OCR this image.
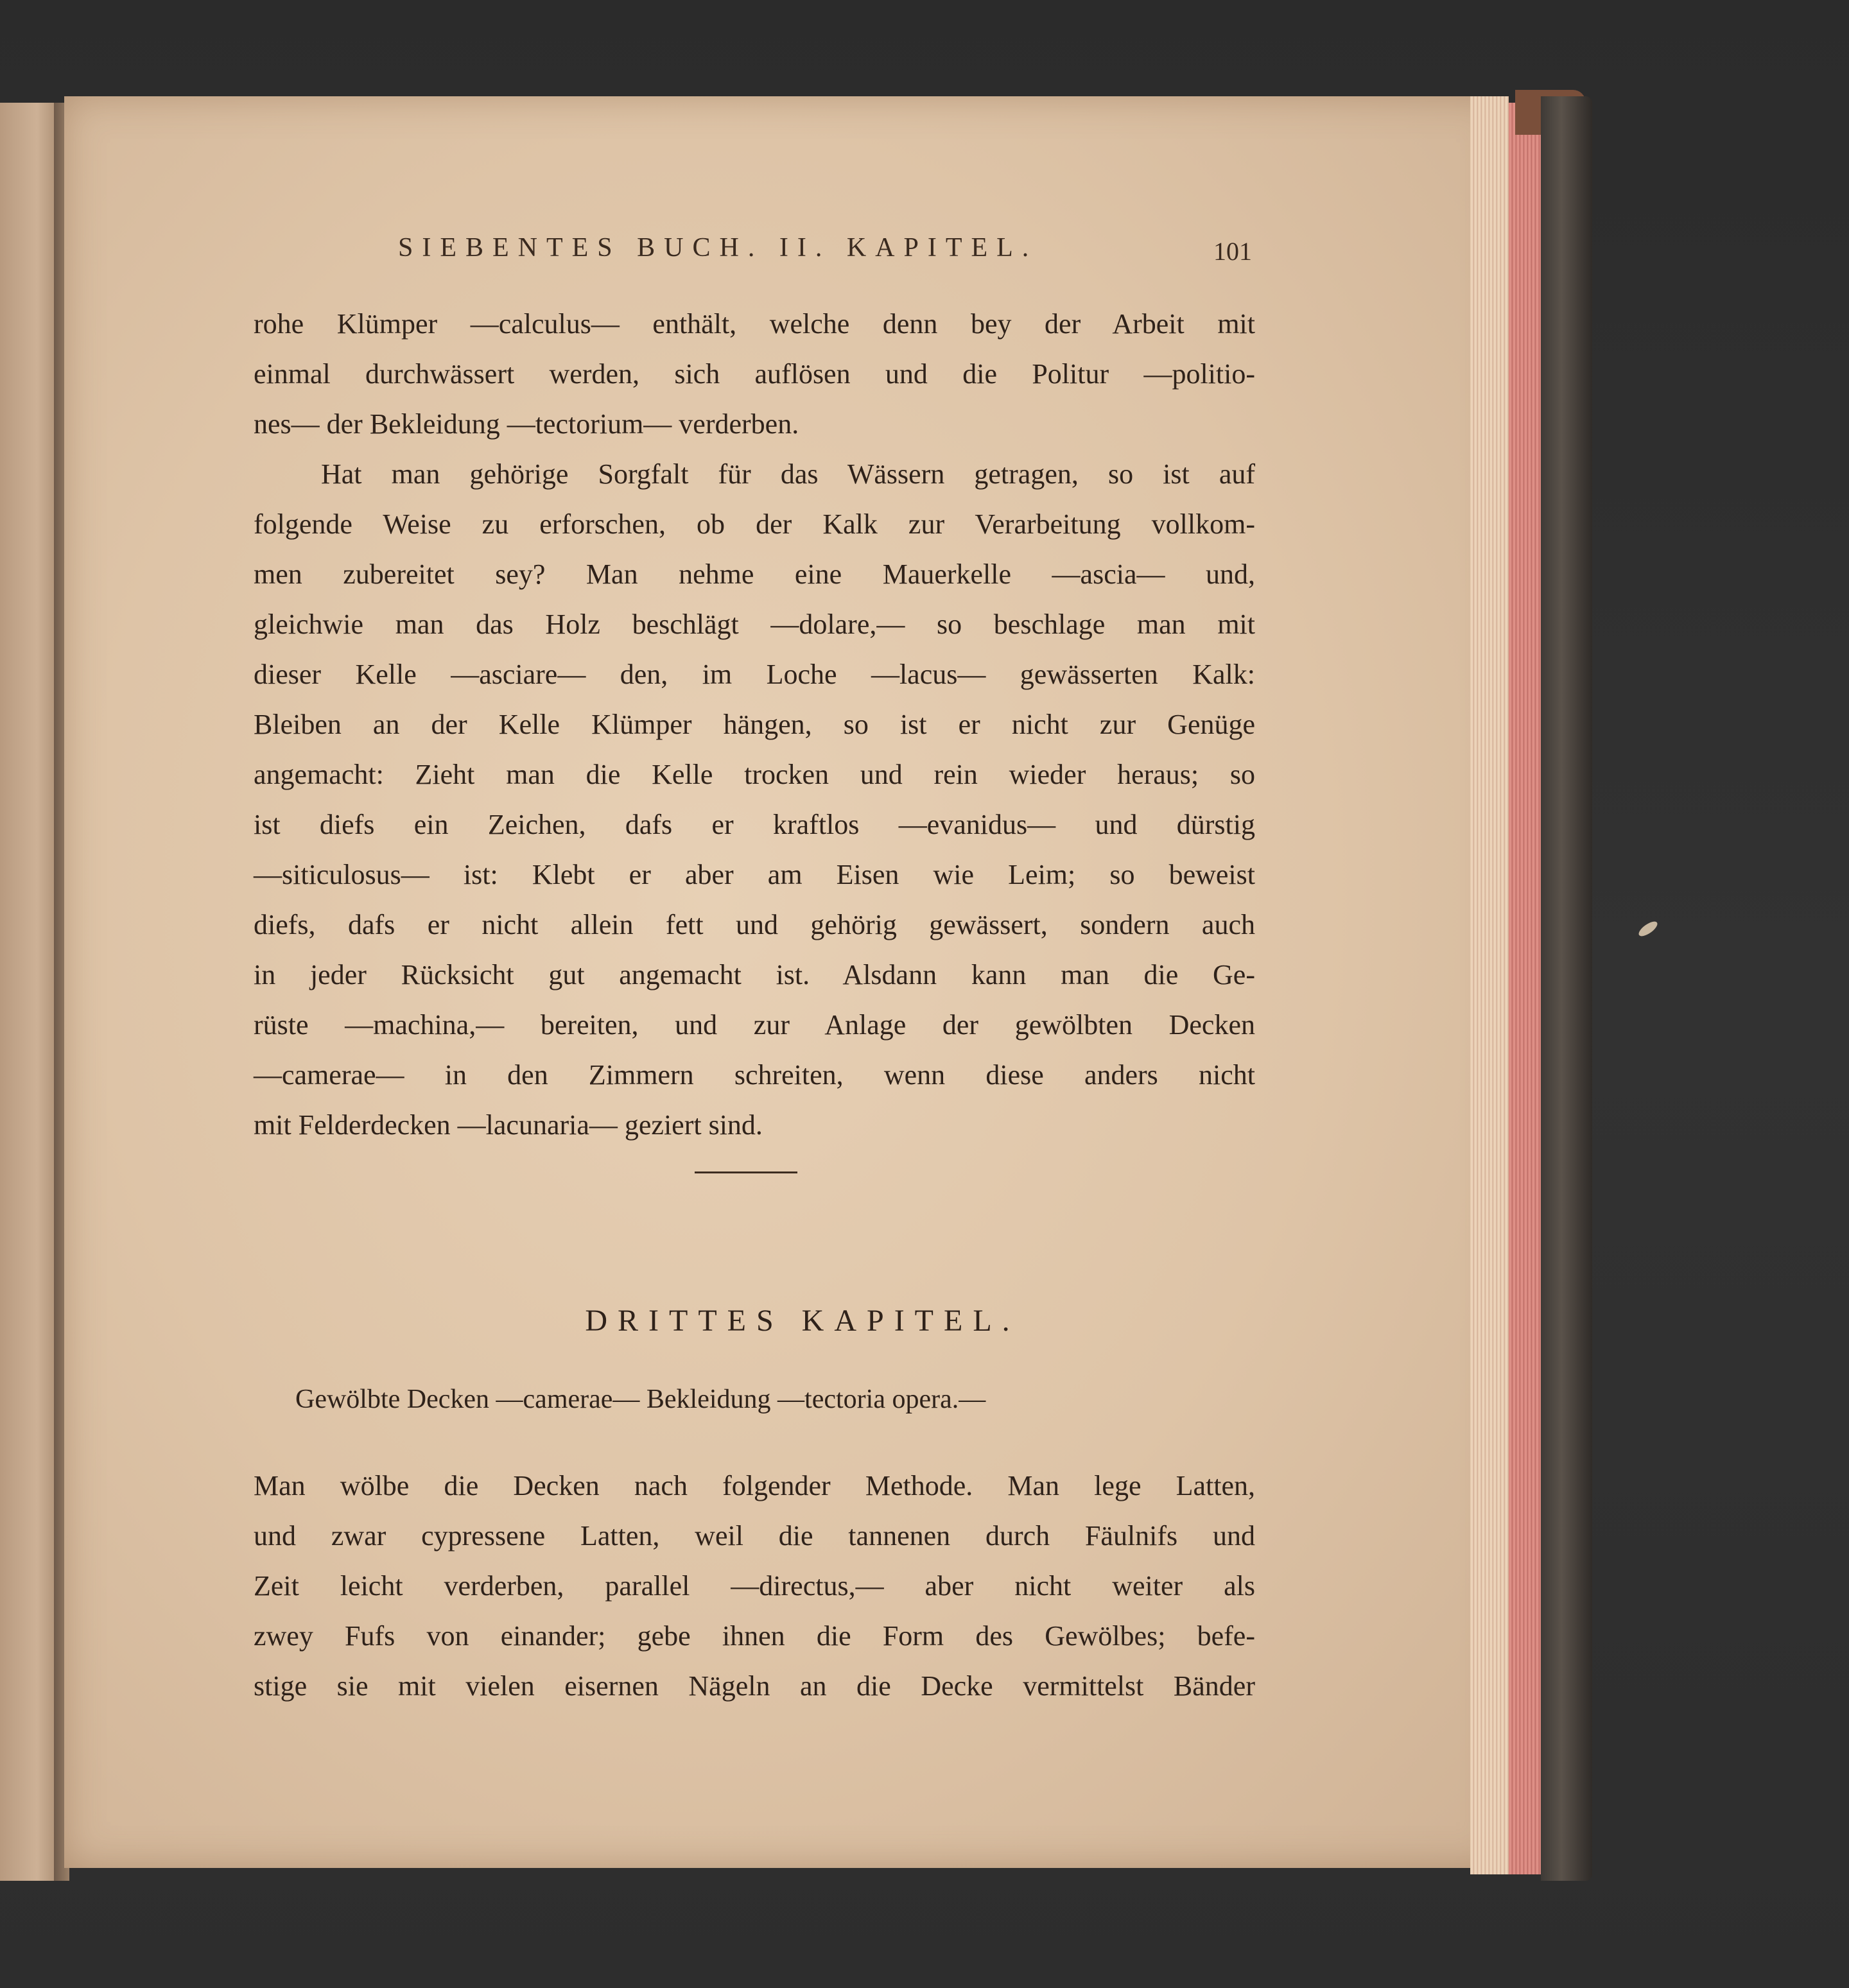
SIEBENTES BUCH. II. KAPITEL.	101
rohe Klümper —calculus— enthält, welche denn bey der Arbeit mit
einmal durchwässert werden, sich auflösen und die Politur —politio-
nes— der Bekleidung —tectorium— verderben.
Hat man gehörige Sorgfalt für das Wässern getragen, so ist auf
folgende Weise zu erforschen, ob der Kalk zur Verarbeitung vollkom-
men zubereitet sey? Man nehme eine Mauerkelle —ascia— und,
gleichwie man das Holz beschlägt —dolare,— so beschlage man mit
dieser Kelle —asciare— den, im Loche —lacus— gewässerten Kalk:
Bleiben an der Kelle Klümper hängen, so ist er nicht zur Genüge
angemacht: Zieht man die Kelle trocken und rein wieder heraus; so
ist diefs ein Zeichen, dafs er kraftlos —evanidus— und dürstig
—siticulosus— ist: Klebt er aber am Eisen wie Leim; so beweist
diefs, dafs er nicht allein fett und gehörig gewässert, sondern auch
in jeder Rücksicht gut angemacht ist. Alsdann kann man die Ge-
rüste —machina,— bereiten, und zur Anlage der gewölbten Decken
—camerae— in den Zimmern schreiten, wenn diese anders nicht
mit Felderdecken —lacunaria— geziert sind.
DRITTES KAPITEL.
Gewölbte Decken —camerae— Bekleidung —tectoria opera.—
Man wölbe die Decken nach folgender Methode. Man lege Latten,
und zwar cypressene Latten, weil die tannenen durch Fäulnifs und
Zeit leicht verderben, parallel —directus,— aber nicht weiter als
zwey Fufs von einander; gebe ihnen die Form des Gewölbes; befe-
stige sie mit vielen eisernen Nägeln an die Decke vermittelst Bänder
